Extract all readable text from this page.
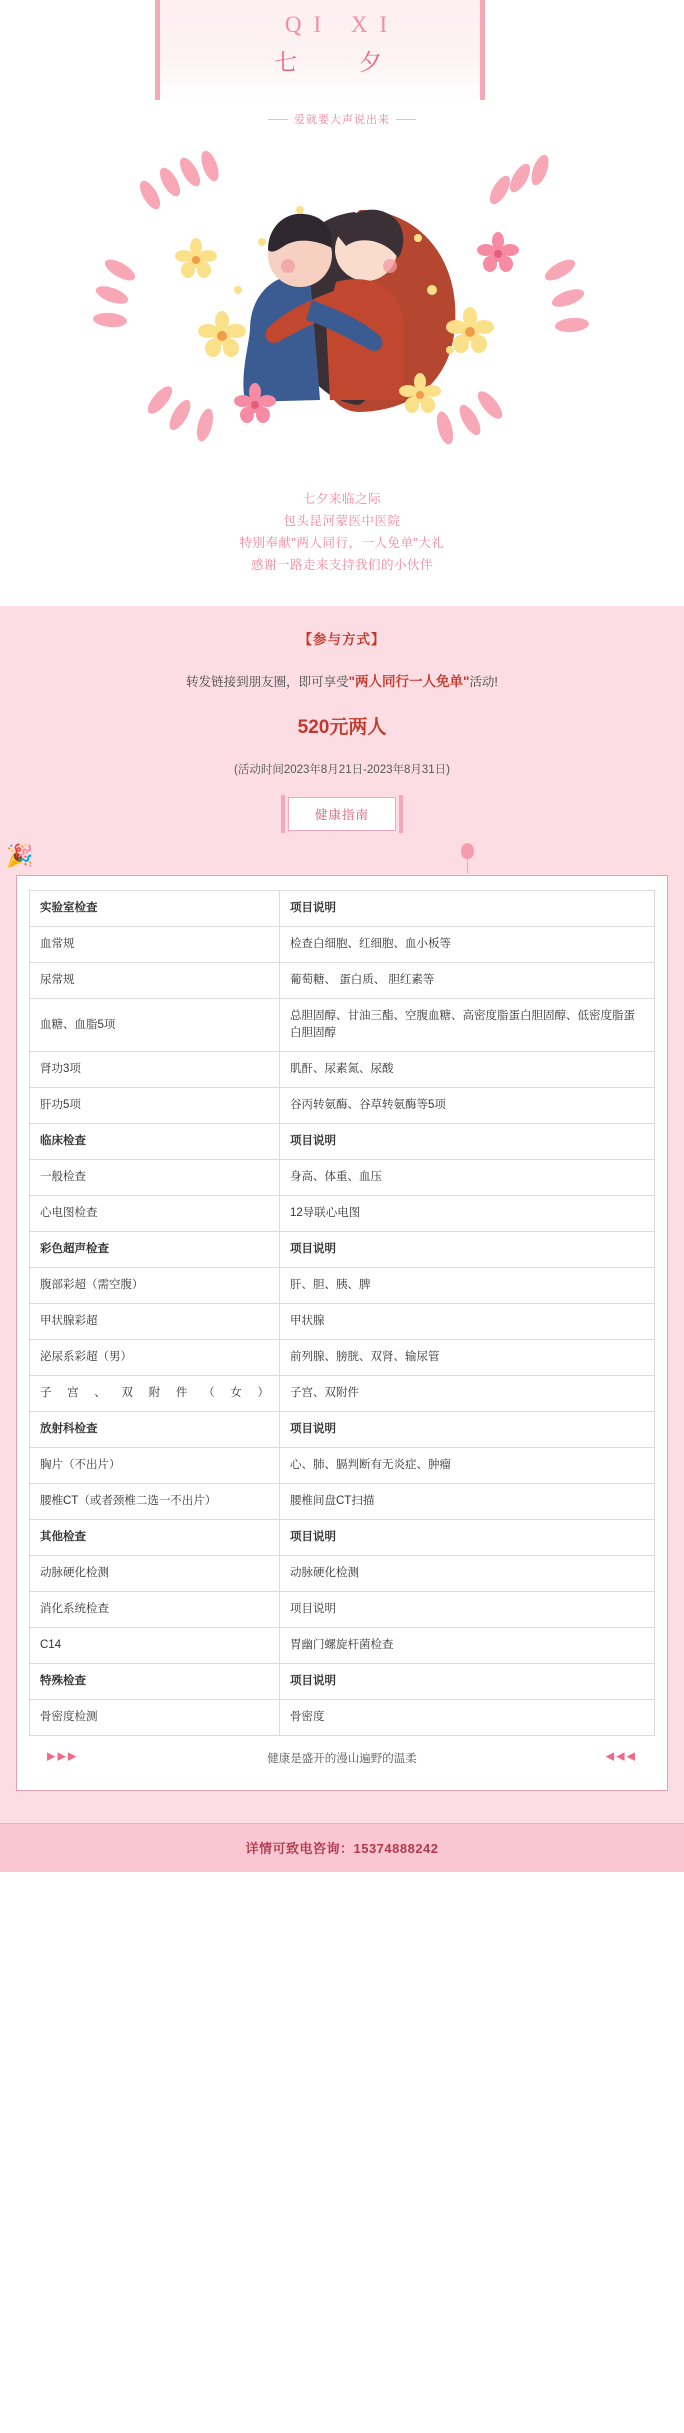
QI XI
七 夕
爱就要大声说出来
七夕来临之际
包头昆河蒙医中医院
特别奉献"两人同行，一人免单"大礼
感谢一路走来支持我们的小伙伴
【参与方式】
转发链接到朋友圈，即可享受"两人同行一人免单"活动!
520元两人
(活动时间2023年8月21日-2023年8月31日)
健康指南
🎉
实验室检查	项目说明
血常规	检查白细胞、红细胞、血小板等
尿常规	葡萄糖、 蛋白质、 胆红素等
血糖、血脂5项	总胆固醇、甘油三酯、空腹血糖、高密度脂蛋白胆固醇、低密度脂蛋白胆固醇
肾功3项	肌酐、尿素氮、尿酸
肝功5项	谷丙转氨酶、谷草转氨酶等5项
临床检查	项目说明
一般检查	身高、体重、血压
心电图检查	12导联心电图
彩色超声检查	项目说明
腹部彩超（需空腹）	肝、胆、胰、脾
甲状腺彩超	甲状腺
泌尿系彩超（男）	前列腺、膀胱、双肾、输尿管
子宫、双附件（女）	子宫、双附件
放射科检查	项目说明
胸片（不出片）	心、肺、膈判断有无炎症、肿瘤
腰椎CT（或者颈椎二选一不出片）	腰椎间盘CT扫描
其他检查	项目说明
动脉硬化检测	动脉硬化检测
消化系统检查	项目说明
C14	胃幽门螺旋杆菌检查
特殊检查	项目说明
骨密度检测	骨密度
▶▶▶	健康是盛开的漫山遍野的温柔	◀◀◀
详情可致电咨询：15374888242
